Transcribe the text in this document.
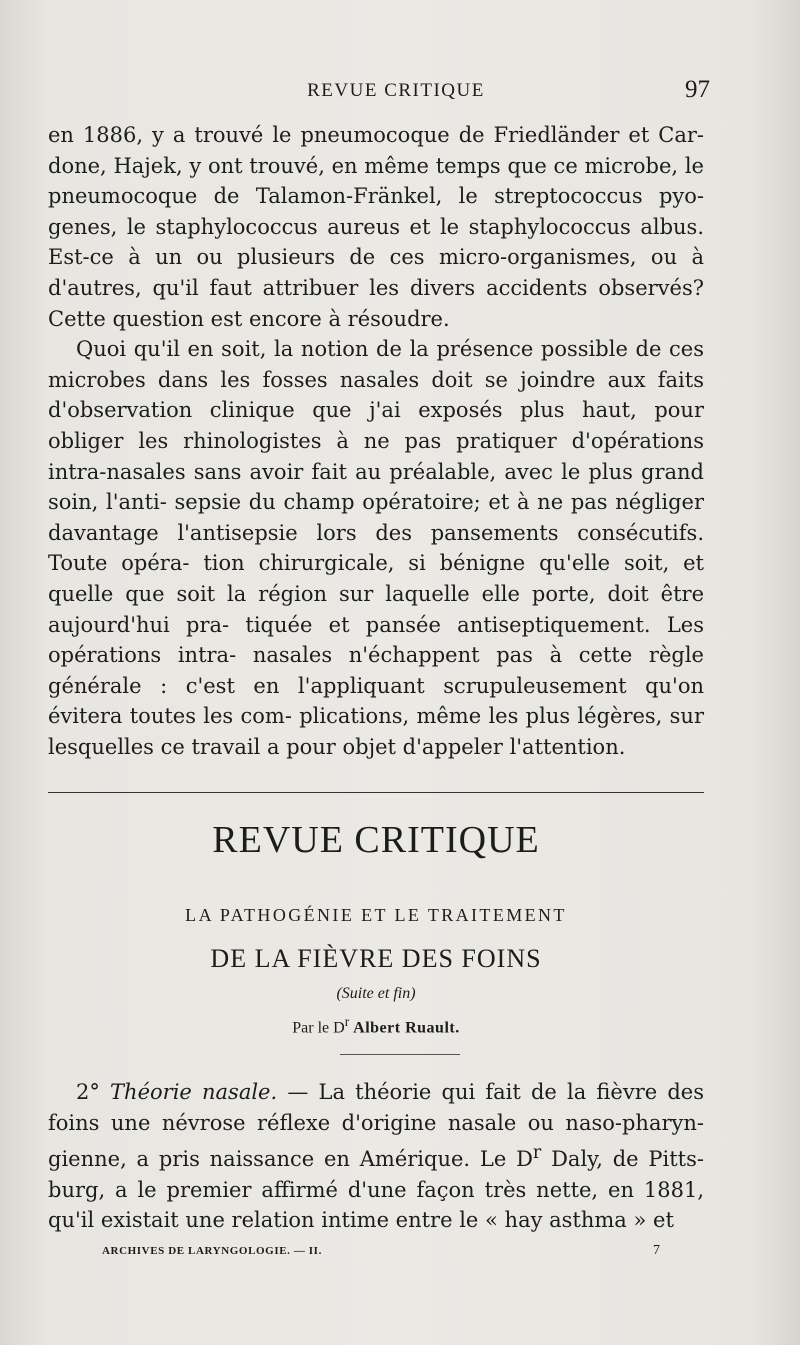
REVUE CRITIQUE	97

en 1886, y a trouvé le pneumocoque de Friedländer et Car- done, Hajek, y ont trouvé, en même temps que ce microbe, le pneumocoque de Talamon-Fränkel, le streptococcus pyo- genes, le staphylococcus aureus et le staphylococcus albus. Est-ce à un ou plusieurs de ces micro-organismes, ou à d'autres, qu'il faut attribuer les divers accidents observés? Cette question est encore à résoudre.

Quoi qu'il en soit, la notion de la présence possible de ces microbes dans les fosses nasales doit se joindre aux faits d'observation clinique que j'ai exposés plus haut, pour obliger les rhinologistes à ne pas pratiquer d'opérations intra-nasales sans avoir fait au préalable, avec le plus grand soin, l'anti- sepsie du champ opératoire; et à ne pas négliger davantage l'antisepsie lors des pansements consécutifs. Toute opéra- tion chirurgicale, si bénigne qu'elle soit, et quelle que soit la région sur laquelle elle porte, doit être aujourd'hui pra- tiquée et pansée antiseptiquement. Les opérations intra- nasales n'échappent pas à cette règle générale : c'est en l'appliquant scrupuleusement qu'on évitera toutes les com- plications, même les plus légères, sur lesquelles ce travail a pour objet d'appeler l'attention.

REVUE CRITIQUE
LA PATHOGÉNIE ET LE TRAITEMENT
DE LA FIÈVRE DES FOINS
(Suite et fin)
Par le $D^r$ Albert Ruault.

2° Théorie nasale. — La théorie qui fait de la fièvre des foins une névrose réflexe d'origine nasale ou naso-pharyn- gienne, a pris naissance en Amérique. Le $D^r$ Daly, de Pitts- burg, a le premier affirmé d'une façon très nette, en 1881, qu'il existait une relation intime entre le « hay asthma » et

ARCHIVES DE LARYNGOLOGIE. — II.	7
